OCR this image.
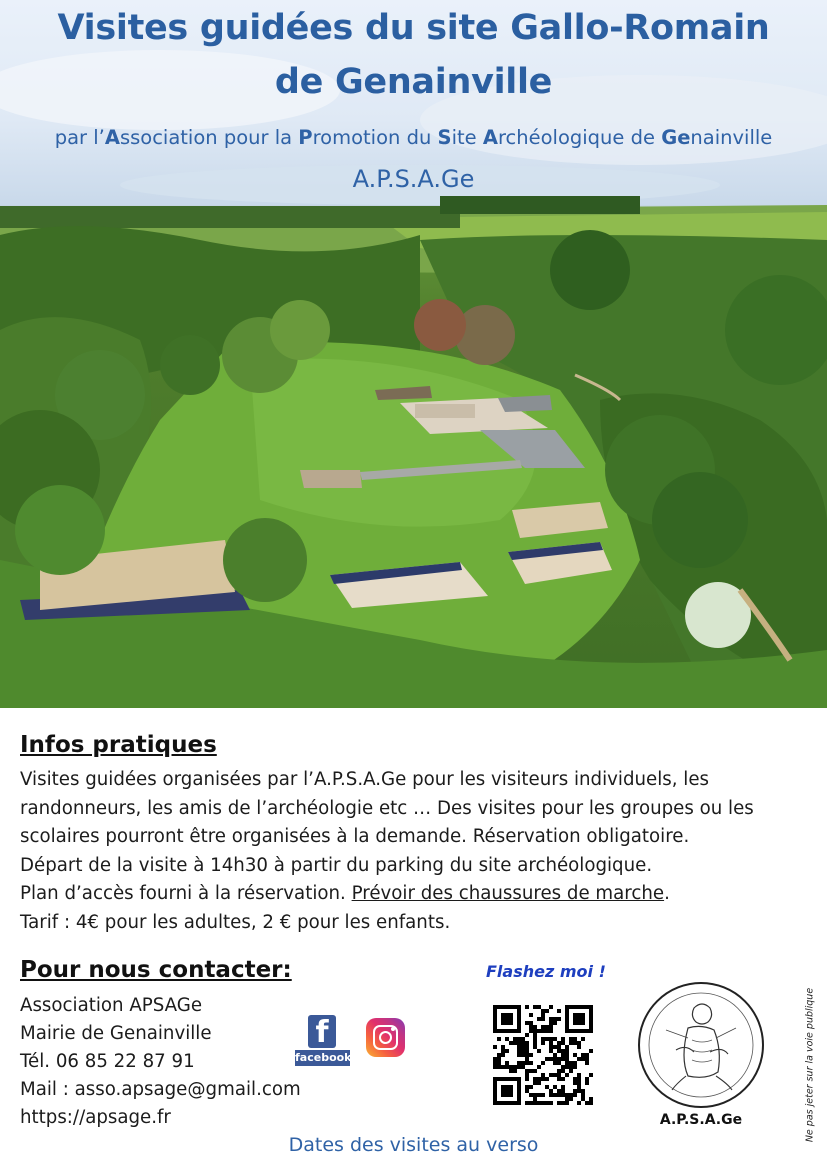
Visites guidées du site Gallo-Romain
de Genainville
par l’Association pour la Promotion du Site Archéologique de Genainville
A.P.S.A.Ge
Infos pratiques
Visites guidées organisées par l’A.P.S.A.Ge pour les visiteurs individuels, les
randonneurs, les amis de l’archéologie etc … Des visites pour les groupes ou les
scolaires pourront être organisées à la demande. Réservation obligatoire.
Départ de la visite à 14h30 à partir du parking du site archéologique.
Plan d’accès fourni à la réservation. Prévoir des chaussures de marche.
Tarif : 4€ pour les adultes, 2 € pour les enfants.
Pour nous contacter:
Association APSAGe
Mairie de Genainville
Tél. 06 85 22 87 91
Mail : asso.apsage@gmail.com
https://apsage.fr
f
facebook
Flashez moi !
A.P.S.A.Ge	Ne pas jeter sur la voie publique
Dates des visites au verso
